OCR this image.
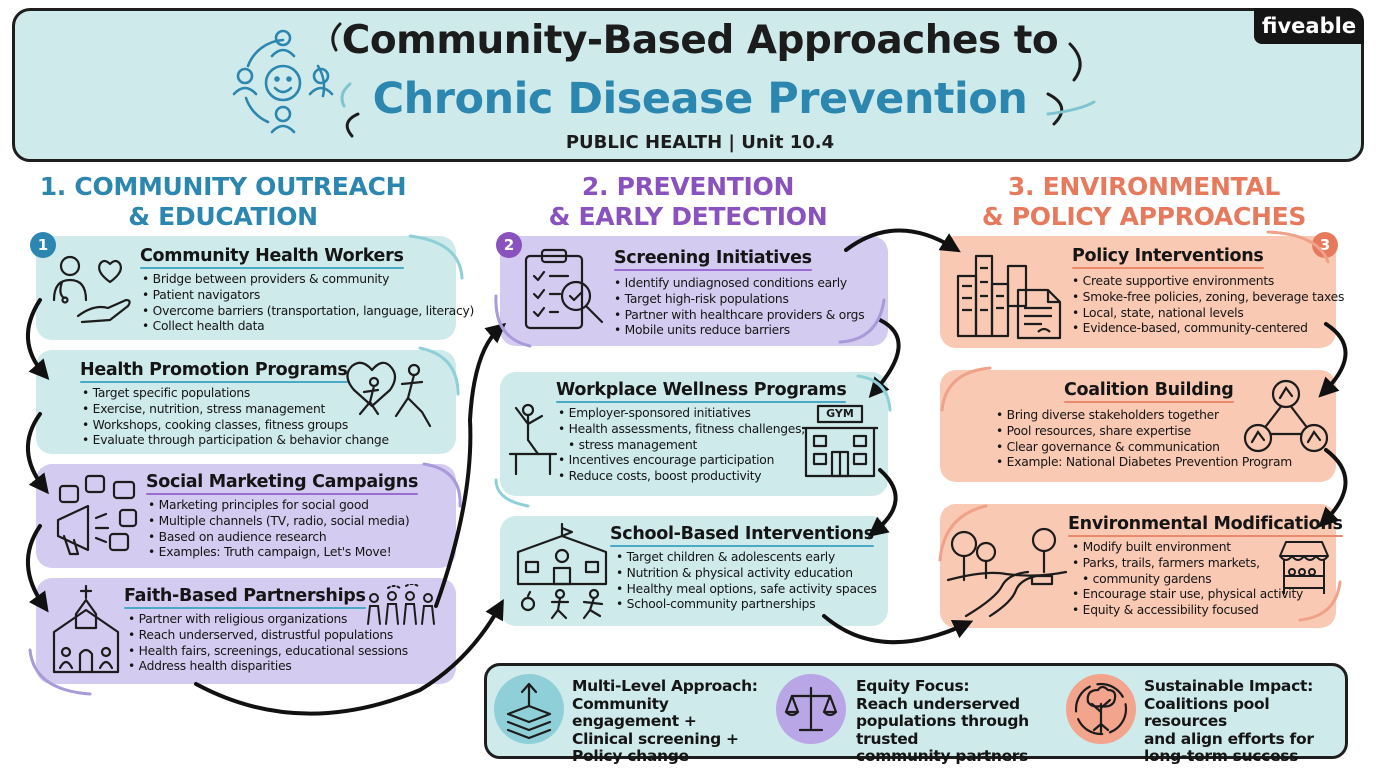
Community-Based Approaches to
Chronic Disease Prevention
PUBLIC HEALTH | Unit 10.4
fiveable
1. COMMUNITY OUTREACH
& EDUCATION
2. PREVENTION
& EARLY DETECTION
3. ENVIRONMENTAL
& POLICY APPROACHES
Community Health Workers
• Bridge between providers & community
• Patient navigators
• Overcome barriers (transportation, language, literacy)
• Collect health data
1
Health Promotion Programs
• Target specific populations
• Exercise, nutrition, stress management
• Workshops, cooking classes, fitness groups
• Evaluate through participation & behavior change
Social Marketing Campaigns
• Marketing principles for social good
• Multiple channels (TV, radio, social media)
• Based on audience research
• Examples: Truth campaign, Let's Move!
Faith-Based Partnerships
• Partner with religious organizations
• Reach underserved, distrustful populations
• Health fairs, screenings, educational sessions
• Address health disparities
Screening Initiatives
• Identify undiagnosed conditions early
• Target high-risk populations
• Partner with healthcare providers & orgs
• Mobile units reduce barriers
2
Workplace Wellness Programs
• Employer-sponsored initiatives
• Health assessments, fitness challenges,
• stress management
• Incentives encourage participation
• Reduce costs, boost productivity
GYM
School-Based Interventions
• Target children & adolescents early
• Nutrition & physical activity education
• Healthy meal options, safe activity spaces
• School-community partnerships
Policy Interventions
• Create supportive environments
• Smoke-free policies, zoning, beverage taxes
• Local, state, national levels
• Evidence-based, community-centered
3
Coalition Building
• Bring diverse stakeholders together
• Pool resources, share expertise
• Clear governance & communication
• Example: National Diabetes Prevention Program
Environmental Modifications
• Modify built environment
• Parks, trails, farmers markets,
• community gardens
• Encourage stair use, physical activity
• Equity & accessibility focused
Multi-Level Approach:
Community engagement +
Clinical screening +
Policy change
Equity Focus:
Reach underserved
populations through trusted
community partners
Sustainable Impact:
Coalitions pool resources
and align efforts for
long-term success
